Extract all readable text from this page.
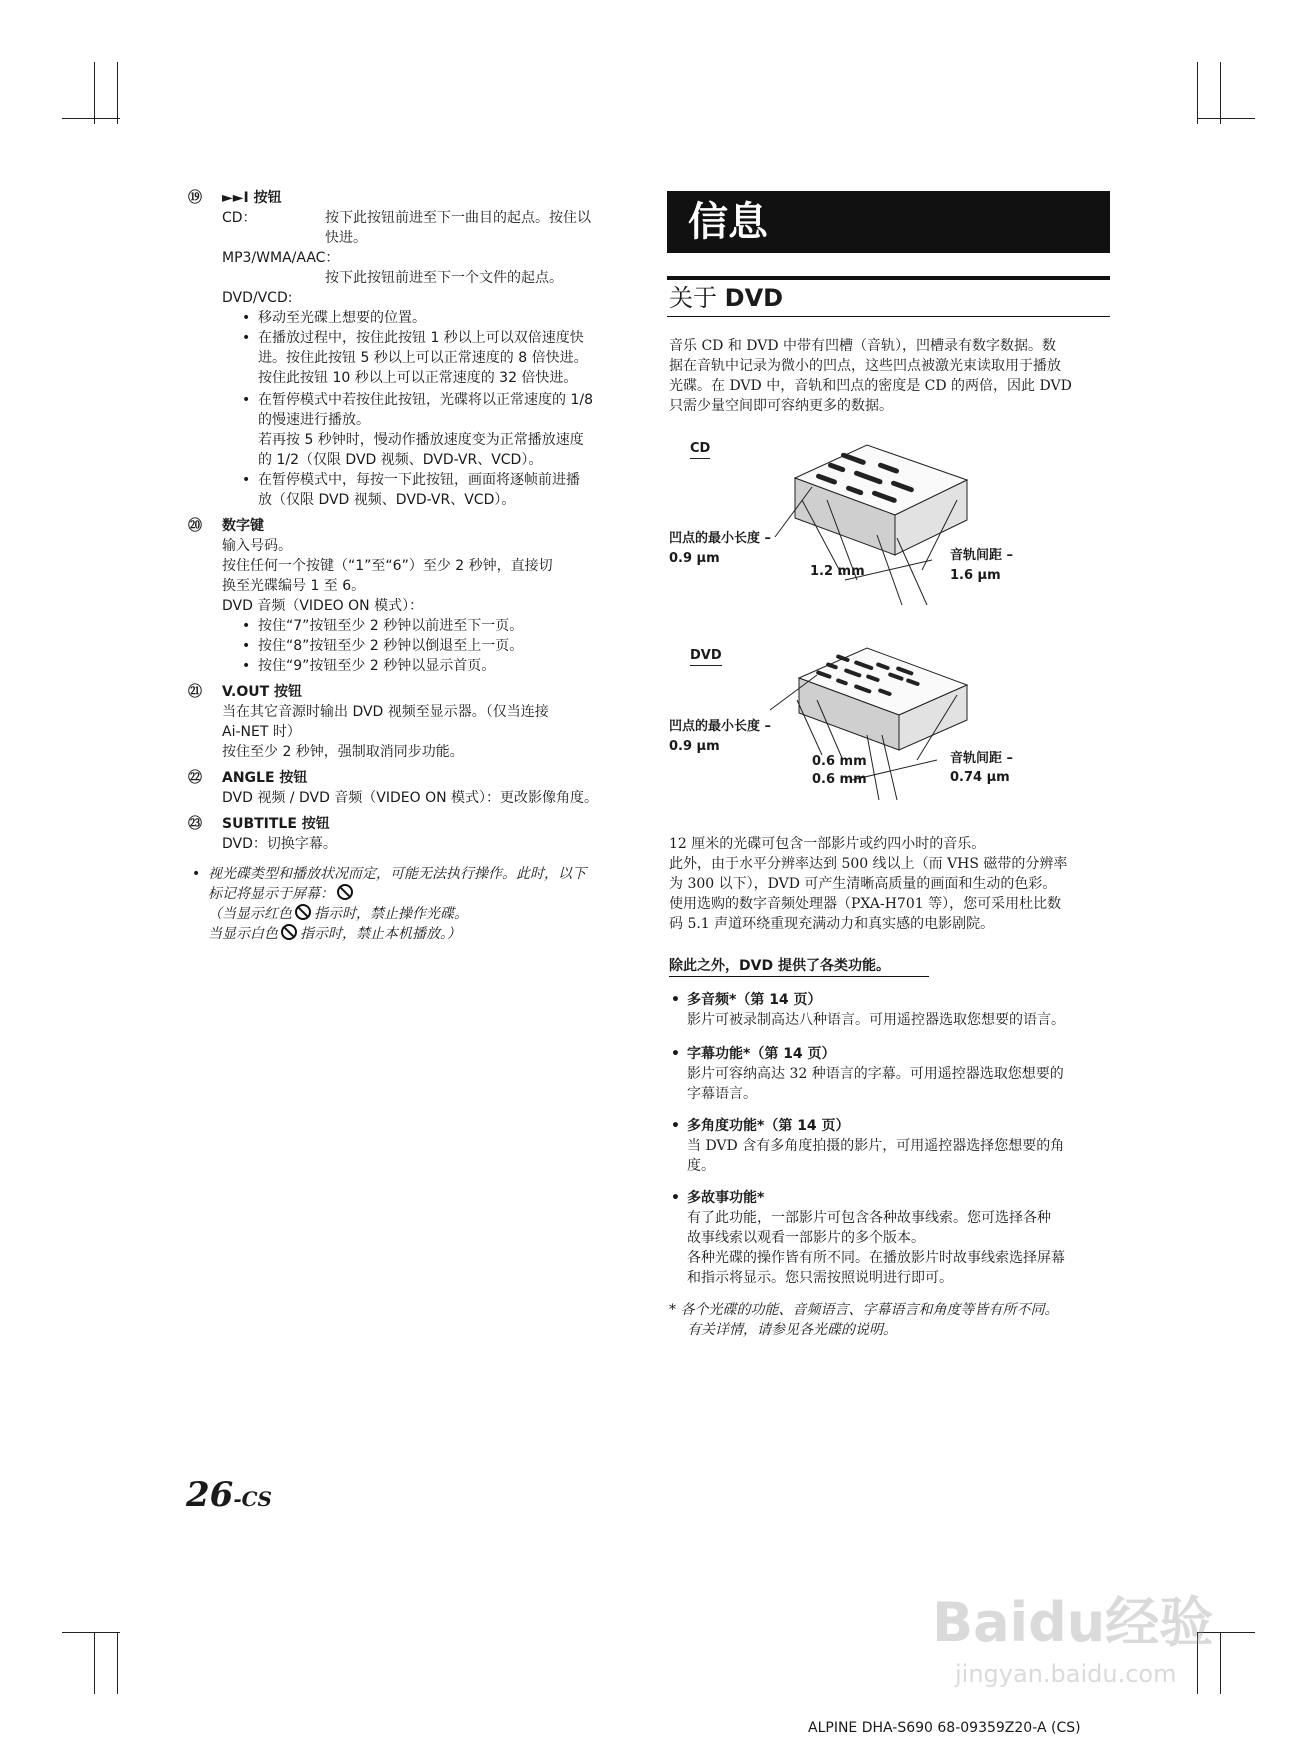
⑲ ►►I 按钮
CD：	按下此按钮前进至下一曲目的起点。按住以
快进。
MP3/WMA/AAC：
按下此按钮前进至下一个文件的起点。
DVD/VCD:
• 移动至光碟上想要的位置。
• 在播放过程中，按住此按钮 1 秒以上可以双倍速度快
进。按住此按钮 5 秒以上可以正常速度的 8 倍快进。
按住此按钮 10 秒以上可以正常速度的 32 倍快进。
• 在暂停模式中若按住此按钮，光碟将以正常速度的 1/8
的慢速进行播放。
若再按 5 秒钟时，慢动作播放速度变为正常播放速度
的 1/2（仅限 DVD 视频、DVD-VR、VCD）。
• 在暂停模式中，每按一下此按钮，画面将逐帧前进播
放（仅限 DVD 视频、DVD-VR、VCD）。
⑳ 数字键
输入号码。
按住任何一个按键（“1”至“6”）至少 2 秒钟，直接切
换至光碟编号 1 至 6。
DVD 音频（VIDEO ON 模式）：
• 按住“7”按钮至少 2 秒钟以前进至下一页。
• 按住“8”按钮至少 2 秒钟以倒退至上一页。
• 按住“9”按钮至少 2 秒钟以显示首页。
㉑ V.OUT 按钮
当在其它音源时输出 DVD 视频至显示器。（仅当连接
Ai-NET 时）
按住至少 2 秒钟，强制取消同步功能。
㉒ ANGLE 按钮
DVD 视频 / DVD 音频（VIDEO ON 模式）：更改影像角度。
㉓ SUBTITLE 按钮
DVD：切换字幕。
• 视光碟类型和播放状况而定，可能无法执行操作。此时，以下
标记将显示于屏幕：
（当显示红色 指示时，禁止操作光碟。
当显示白色 指示时，禁止本机播放。）
26-CS
信息
关于 DVD
音乐 CD 和 DVD 中带有凹槽（音轨），凹槽录有数字数据。数
据在音轨中记录为微小的凹点，这些凹点被激光束读取用于播放
光碟。在 DVD 中，音轨和凹点的密度是 CD 的两倍，因此 DVD
只需少量空间即可容纳更多的数据。
CD
凹点的最小长度 –
0.9 µm
1.2 mm
音轨间距 –
1.6 µm
DVD
凹点的最小长度 –
0.9 µm
0.6 mm
0.6 mm
音轨间距 –
0.74 µm
12 厘米的光碟可包含一部影片或约四小时的音乐。
此外，由于水平分辨率达到 500 线以上（而 VHS 磁带的分辨率
为 300 以下），DVD 可产生清晰高质量的画面和生动的色彩。
使用选购的数字音频处理器（PXA-H701 等），您可采用杜比数
码 5.1 声道环绕重现充满动力和真实感的电影剧院。
除此之外，DVD 提供了各类功能。
• 多音频*（第 14 页）
影片可被录制高达八种语言。可用遥控器选取您想要的语言。
• 字幕功能*（第 14 页）
影片可容纳高达 32 种语言的字幕。可用遥控器选取您想要的
字幕语言。
• 多角度功能*（第 14 页）
当 DVD 含有多角度拍摄的影片，可用遥控器选择您想要的角
度。
• 多故事功能*
有了此功能，一部影片可包含各种故事线索。您可选择各种
故事线索以观看一部影片的多个版本。
各种光碟的操作皆有所不同。在播放影片时故事线索选择屏幕
和指示将显示。您只需按照说明进行即可。
* 各个光碟的功能、音频语言、字幕语言和角度等皆有所不同。
有关详情，请参见各光碟的说明。
Baidu经验
jingyan.baidu.com
ALPINE DHA-S690 68-09359Z20-A (CS)
